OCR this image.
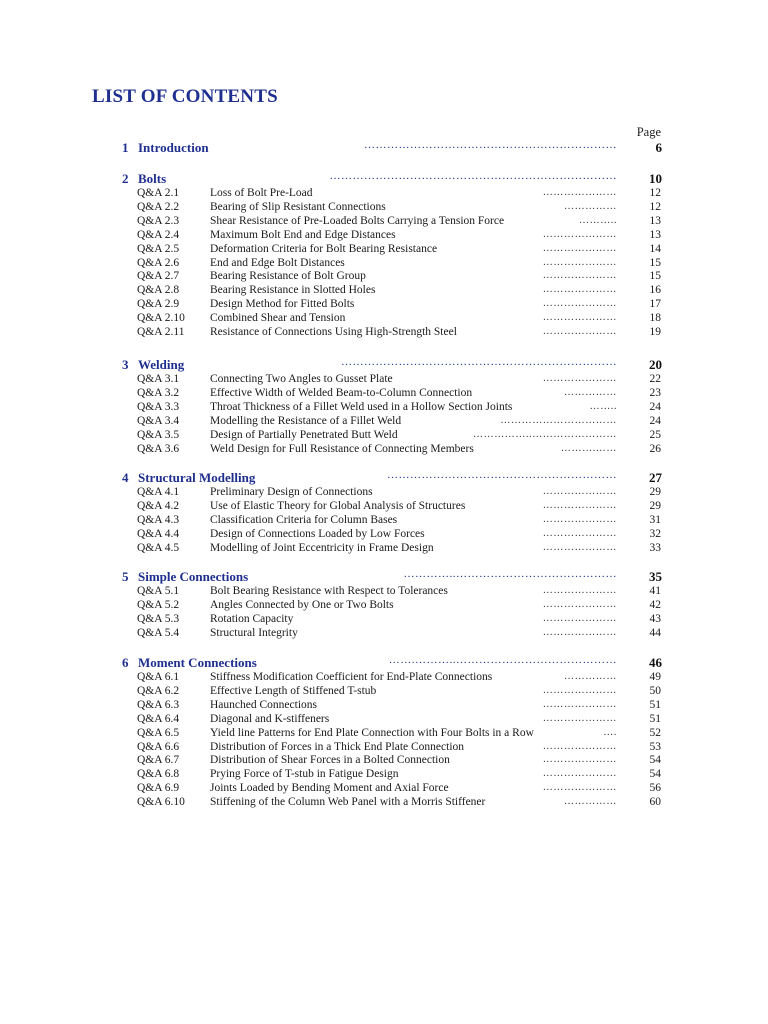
LIST OF CONTENTS
Page
1 Introduction	…………………………………………………………	6
2 Bolts	………………………………………………………………… 10
Q&A 2.1	Loss of Bolt Pre-Load	…………………	12
Q&A 2.2	Bearing of Slip Resistant Connections	……………	12
Q&A 2.3	Shear Resistance of Pre-Loaded Bolts Carrying a Tension Force	………..	13
Q&A 2.4	Maximum Bolt End and Edge Distances	…………………	13
Q&A 2.5	Deformation Criteria for Bolt Bearing Resistance	…………………	14
Q&A 2.6	End and Edge Bolt Distances	…………………	15
Q&A 2.7	Bearing Resistance of Bolt Group	…………………	15
Q&A 2.8	Bearing Resistance in Slotted Holes	…………………	16
Q&A 2.9	Design Method for Fitted Bolts	…………………	17
Q&A 2.10 Combined Shear and Tension	…………………	18
Q&A 2.11 Resistance of Connections Using High-Strength Steel	…………………	19
3 Welding	……………………………………………………………… 20
Q&A 3.1	Connecting Two Angles to Gusset Plate	…………………	22
Q&A 3.2	Effective Width of Welded Beam-to-Column Connection	……………	23
Q&A 3.3	Throat Thickness of a Fillet Weld used in a Hollow Section Joints	……..	24
Q&A 3.4	Modelling the Resistance of a Fillet Weld	……………………………	24
Q&A 3.5	Design of Partially Penetrated Butt Weld	……………..……………………	25
Q&A 3.6	Weld Design for Full Resistance of Connecting Members	……….……	26
4 Structural Modelling	…………………………………………………… 27
Q&A 4.1	Preliminary Design of Connections	…………………	29
Q&A 4.2	Use of Elastic Theory for Global Analysis of Structures	…………………	29
Q&A 4.3	Classification Criteria for Column Bases	…………………	31
Q&A 4.4	Design of Connections Loaded by Low Forces	…………………	32
Q&A 4.5	Modelling of Joint Eccentricity in Frame Design	…………………	33
5 Simple Connections	…………..…………………………………… 35
Q&A 5.1	Bolt Bearing Resistance with Respect to Tolerances	…………………	41
Q&A 5.2	Angles Connected by One or Two Bolts	…………………	42
Q&A 5.3	Rotation Capacity	…………………	43
Q&A 5.4	Structural Integrity	…………………	44
6 Moment Connections	…….………..…………………………………… 46
Q&A 6.1	Stiffness Modification Coefficient for End-Plate Connections	……………	49
Q&A 6.2	Effective Length of Stiffened T-stub	…………………	50
Q&A 6.3	Haunched Connections	…………………	51
Q&A 6.4	Diagonal and K-stiffeners	…………………	51
Q&A 6.5	Yield line Patterns for End Plate Connection with Four Bolts in a Row	….	52
Q&A 6.6	Distribution of Forces in a Thick End Plate Connection	…………………	53
Q&A 6.7	Distribution of Shear Forces in a Bolted Connection	…………………	54
Q&A 6.8	Prying Force of T-stub in Fatigue Design	…………………	54
Q&A 6.9	Joints Loaded by Bending Moment and Axial Force	…………………	56
Q&A 6.10 Stiffening of the Column Web Panel with a Morris Stiffener	……………	60
